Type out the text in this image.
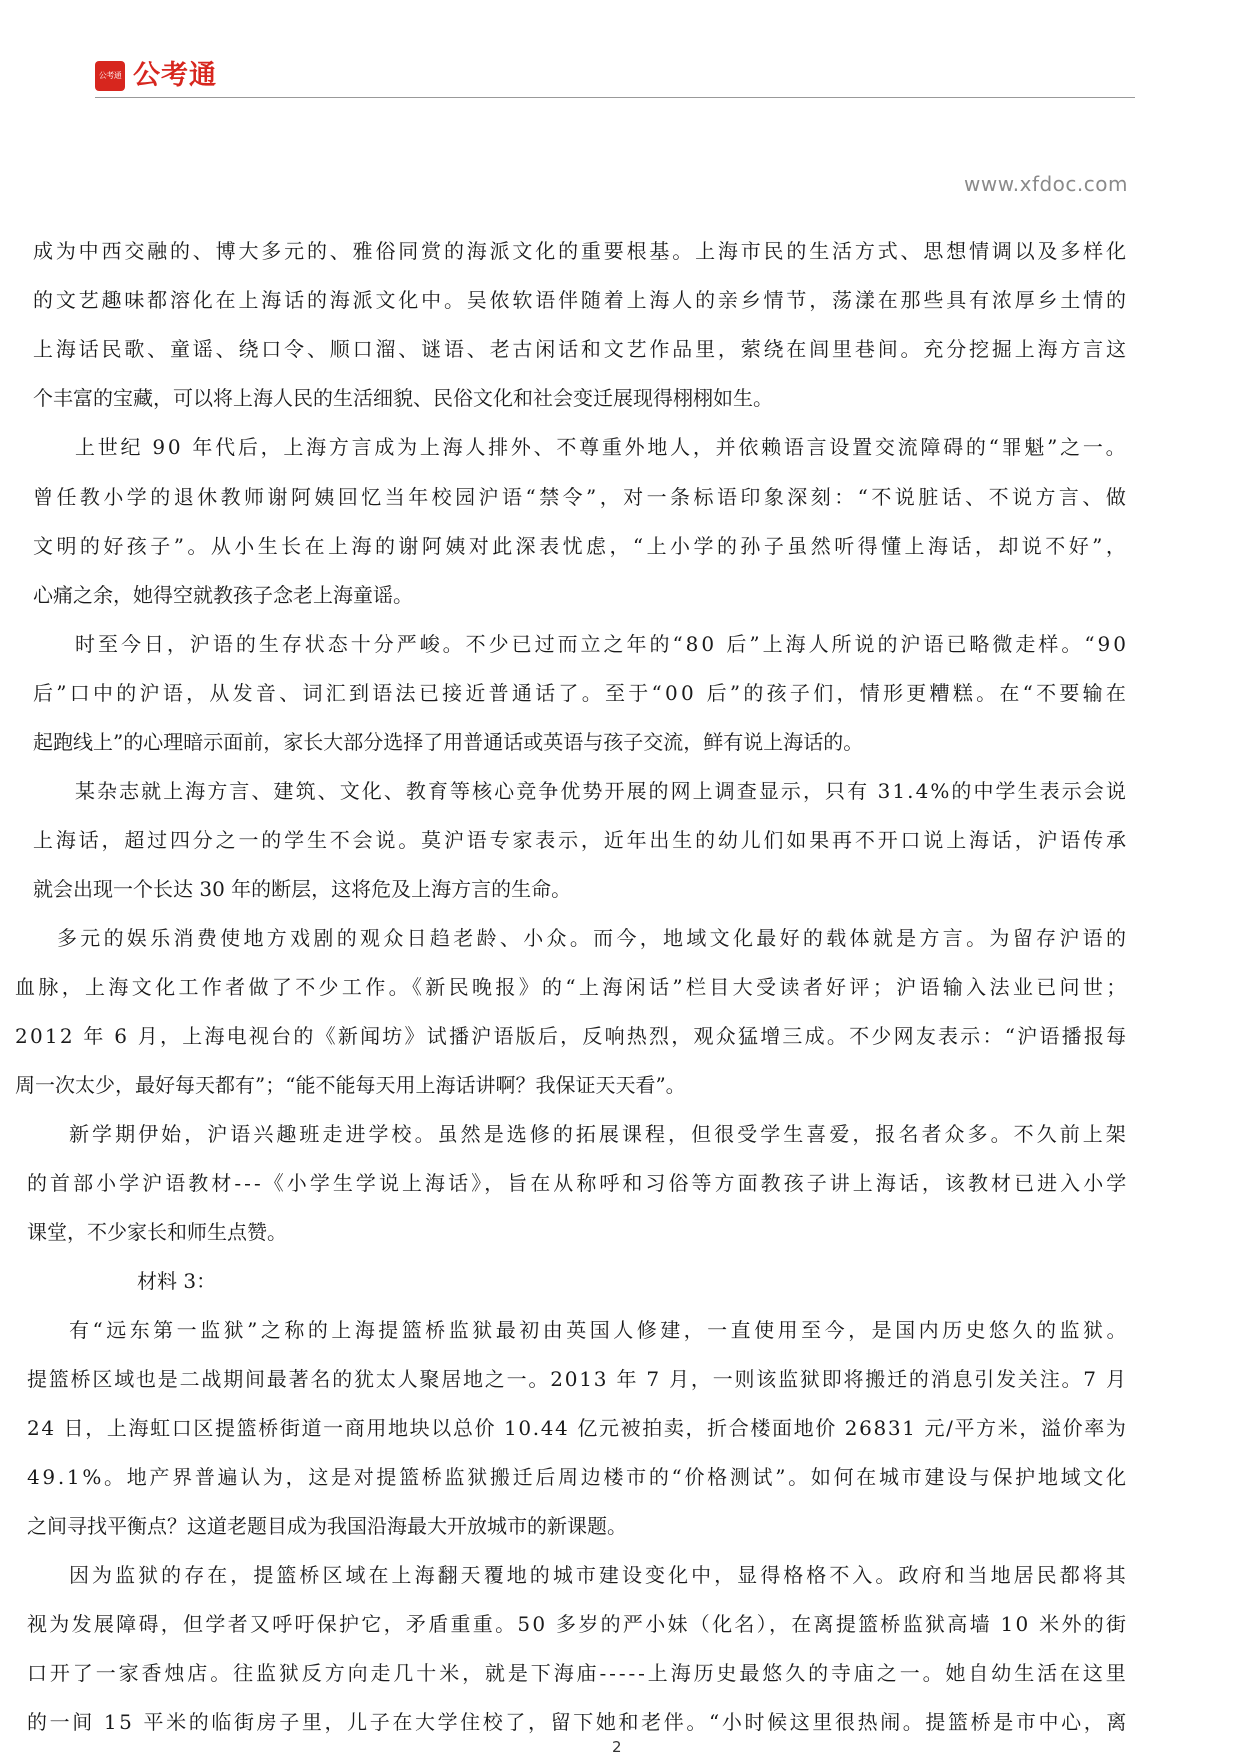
公考通 公考通
www.xfdoc.com
成为中西交融的、博大多元的、雅俗同赏的海派文化的重要根基。上海市民的生活方式、思想情调以及多样化
的文艺趣味都溶化在上海话的海派文化中。吴侬软语伴随着上海人的亲乡情节，荡漾在那些具有浓厚乡土情的
上海话民歌、童谣、绕口令、顺口溜、谜语、老古闲话和文艺作品里，萦绕在闾里巷间。充分挖掘上海方言这
个丰富的宝藏，可以将上海人民的生活细貌、民俗文化和社会变迁展现得栩栩如生。
上世纪 90 年代后，上海方言成为上海人排外、不尊重外地人，并依赖语言设置交流障碍的“罪魁”之一。
曾任教小学的退休教师谢阿姨回忆当年校园沪语“禁令”，对一条标语印象深刻：“不说脏话、不说方言、做
文明的好孩子”。从小生长在上海的谢阿姨对此深表忧虑，“上小学的孙子虽然听得懂上海话，却说不好”，
心痛之余，她得空就教孩子念老上海童谣。
时至今日，沪语的生存状态十分严峻。不少已过而立之年的“80 后”上海人所说的沪语已略微走样。“90
后”口中的沪语，从发音、词汇到语法已接近普通话了。至于“00 后”的孩子们，情形更糟糕。在“不要输在
起跑线上”的心理暗示面前，家长大部分选择了用普通话或英语与孩子交流，鲜有说上海话的。
某杂志就上海方言、建筑、文化、教育等核心竞争优势开展的网上调查显示，只有 31.4%的中学生表示会说
上海话，超过四分之一的学生不会说。莫沪语专家表示，近年出生的幼儿们如果再不开口说上海话，沪语传承
就会出现一个长达 30 年的断层，这将危及上海方言的生命。
多元的娱乐消费使地方戏剧的观众日趋老龄、小众。而今，地域文化最好的载体就是方言。为留存沪语的
血脉，上海文化工作者做了不少工作。《新民晚报》的“上海闲话”栏目大受读者好评；沪语输入法业已问世；
2012 年 6 月，上海电视台的《新闻坊》试播沪语版后，反响热烈，观众猛增三成。不少网友表示：“沪语播报每
周一次太少，最好每天都有”；“能不能每天用上海话讲啊？我保证天天看”。
新学期伊始，沪语兴趣班走进学校。虽然是选修的拓展课程，但很受学生喜爱，报名者众多。不久前上架
的首部小学沪语教材---《小学生学说上海话》，旨在从称呼和习俗等方面教孩子讲上海话，该教材已进入小学
课堂，不少家长和师生点赞。
材料 3：
有“远东第一监狱”之称的上海提篮桥监狱最初由英国人修建，一直使用至今，是国内历史悠久的监狱。
提篮桥区域也是二战期间最著名的犹太人聚居地之一。2013 年 7 月，一则该监狱即将搬迁的消息引发关注。7 月
24 日，上海虹口区提篮桥街道一商用地块以总价 10.44 亿元被拍卖，折合楼面地价 26831 元/平方米，溢价率为
49.1%。地产界普遍认为，这是对提篮桥监狱搬迁后周边楼市的“价格测试”。如何在城市建设与保护地域文化
之间寻找平衡点？这道老题目成为我国沿海最大开放城市的新课题。
因为监狱的存在，提篮桥区域在上海翻天覆地的城市建设变化中，显得格格不入。政府和当地居民都将其
视为发展障碍，但学者又呼吁保护它，矛盾重重。50 多岁的严小妹（化名），在离提篮桥监狱高墙 10 米外的街
口开了一家香烛店。往监狱反方向走几十米，就是下海庙-----上海历史最悠久的寺庙之一。她自幼生活在这里
的一间 15 平米的临街房子里，儿子在大学住校了，留下她和老伴。“小时候这里很热闹。提篮桥是市中心，离
2
